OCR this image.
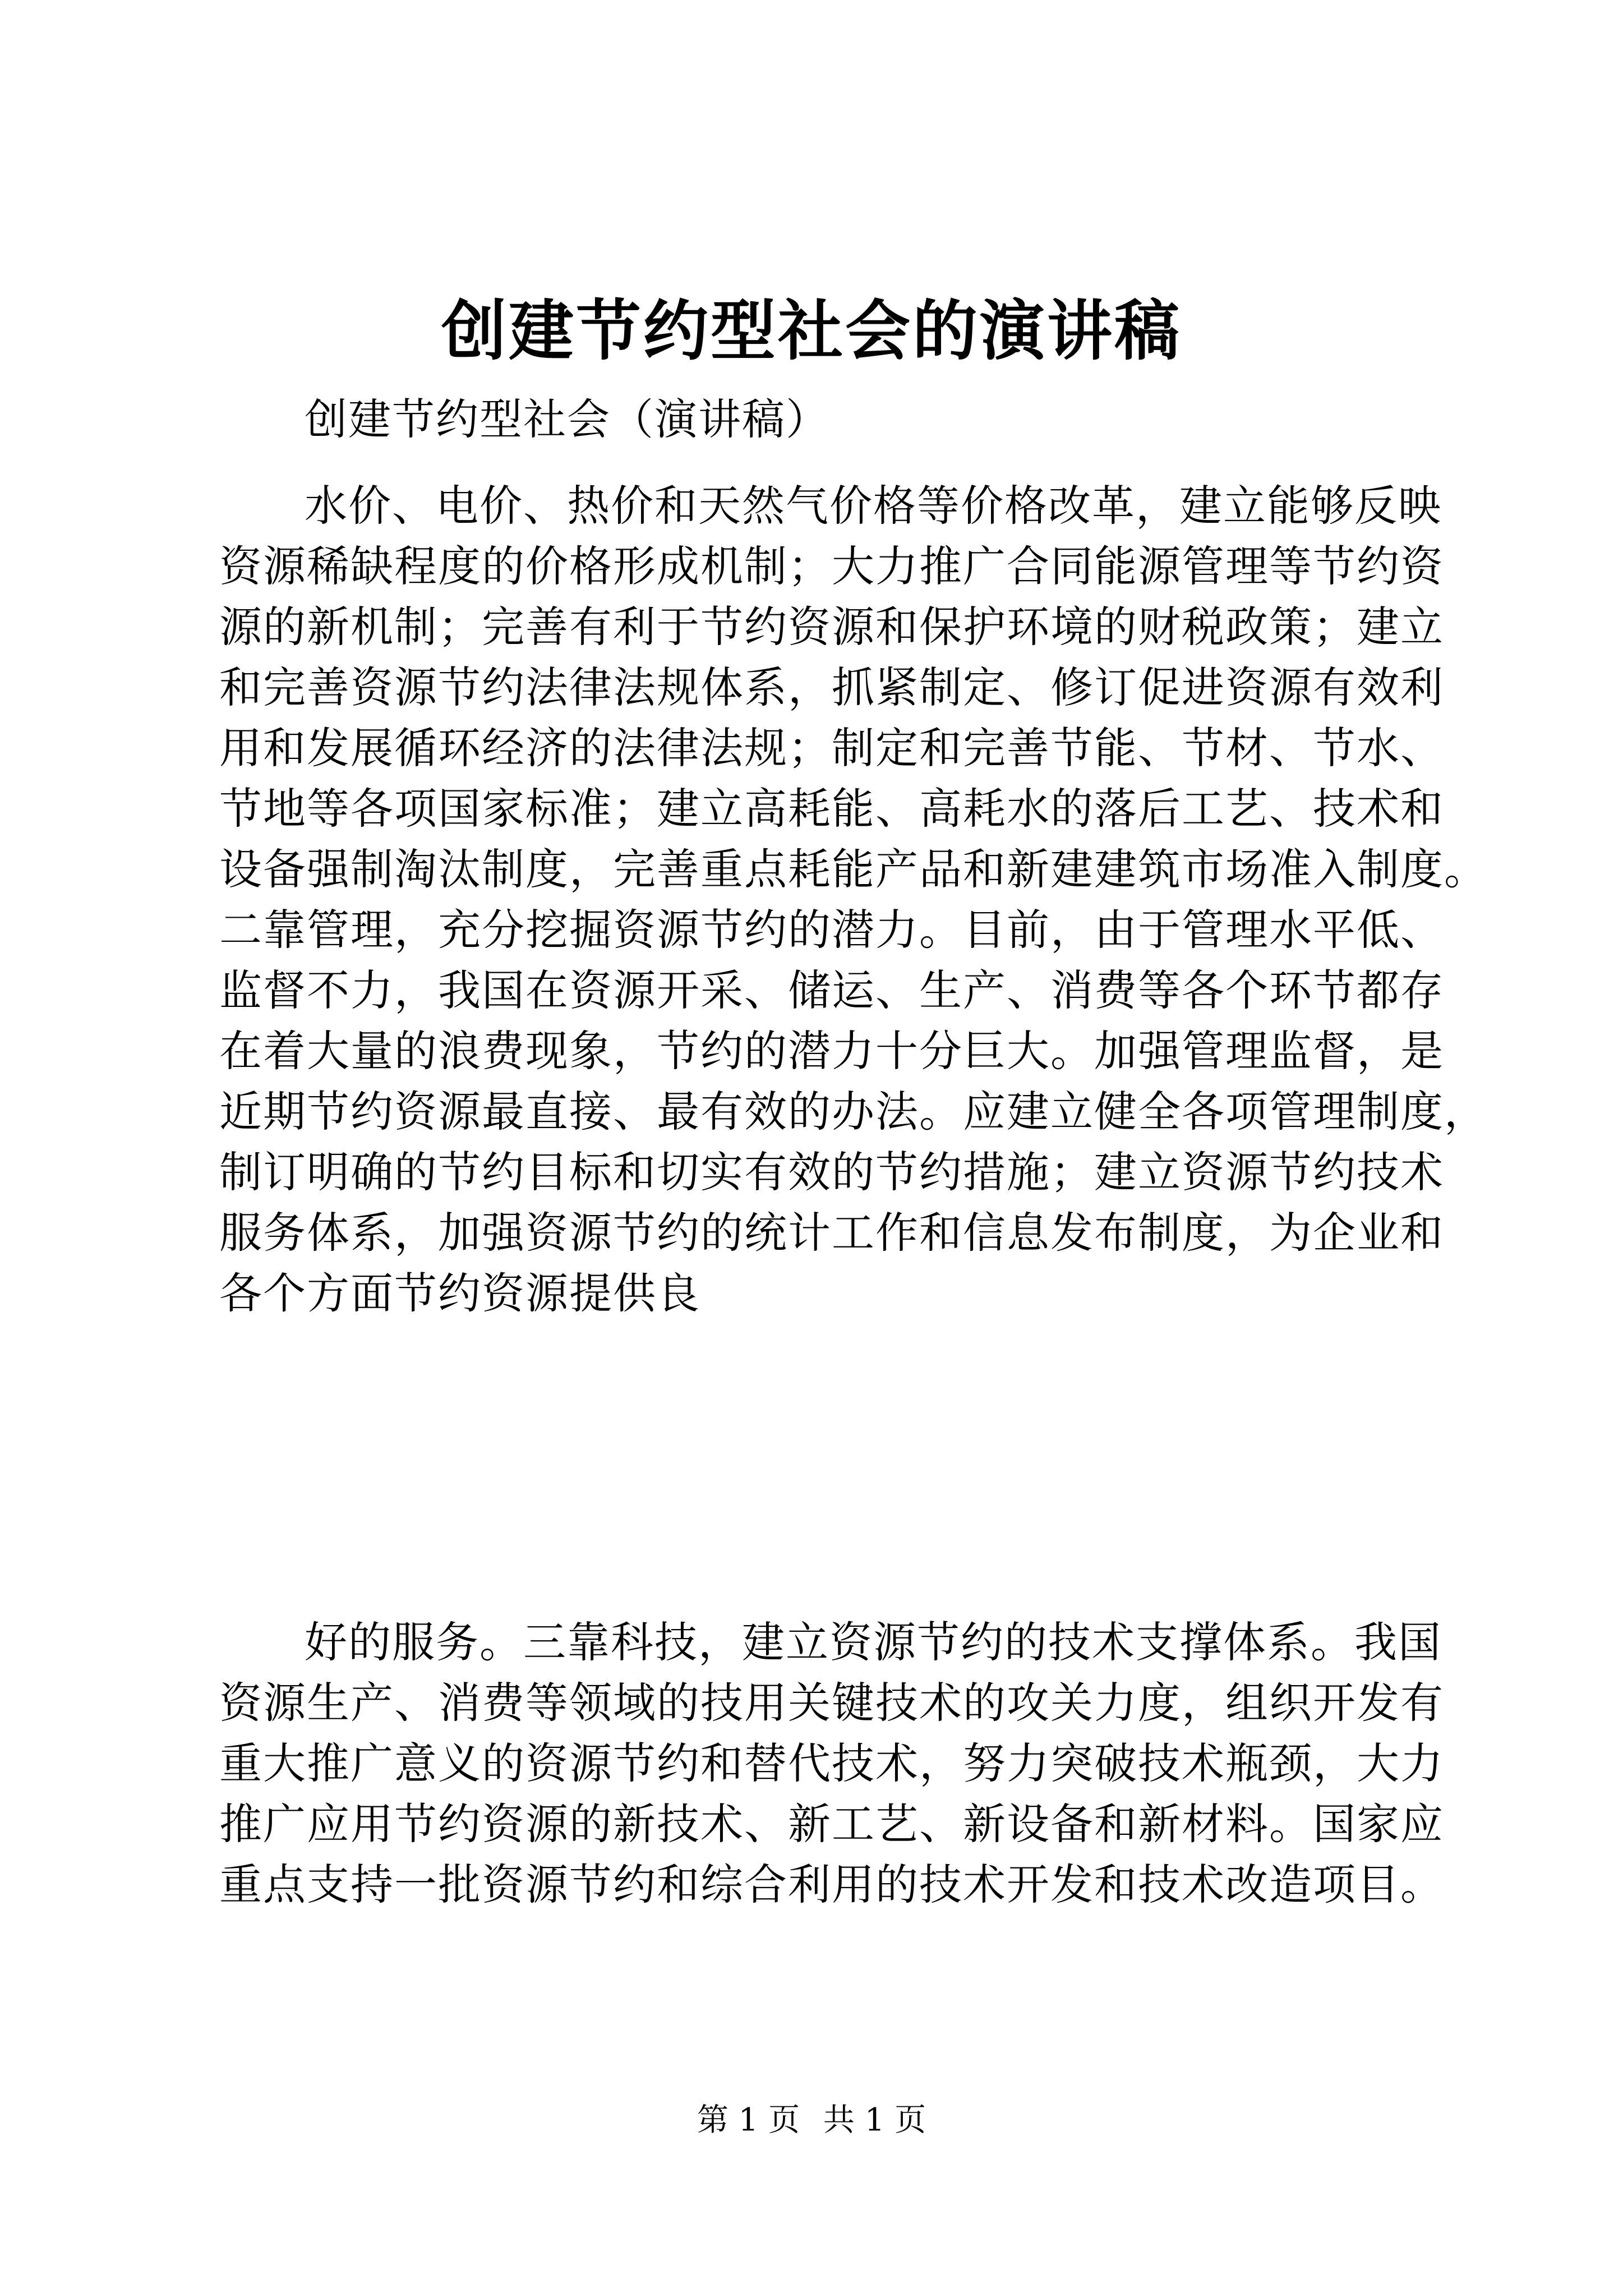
创建节约型社会的演讲稿
创建节约型社会（演讲稿）
水价、电价、热价和天然气价格等价格改革，建立能够反映
资源稀缺程度的价格形成机制；大力推广合同能源管理等节约资
源的新机制；完善有利于节约资源和保护环境的财税政策；建立
和完善资源节约法律法规体系，抓紧制定、修订促进资源有效利
用和发展循环经济的法律法规；制定和完善节能、节材、节水、
节地等各项国家标准；建立高耗能、高耗水的落后工艺、技术和
设备强制淘汰制度，完善重点耗能产品和新建建筑市场准入制度。
二靠管理，充分挖掘资源节约的潜力。目前，由于管理水平低、
监督不力，我国在资源开采、储运、生产、消费等各个环节都存
在着大量的浪费现象，节约的潜力十分巨大。加强管理监督，是
近期节约资源最直接、最有效的办法。应建立健全各项管理制度，
制订明确的节约目标和切实有效的节约措施；建立资源节约技术
服务体系，加强资源节约的统计工作和信息发布制度，为企业和
各个方面节约资源提供良
好的服务。三靠科技，建立资源节约的技术支撑体系。我国
资源生产、消费等领域的技用关键技术的攻关力度，组织开发有
重大推广意义的资源节约和替代技术，努力突破技术瓶颈，大力
推广应用节约资源的新技术、新工艺、新设备和新材料。国家应
重点支持一批资源节约和综合利用的技术开发和技术改造项目。
第 1 页 共 1 页
